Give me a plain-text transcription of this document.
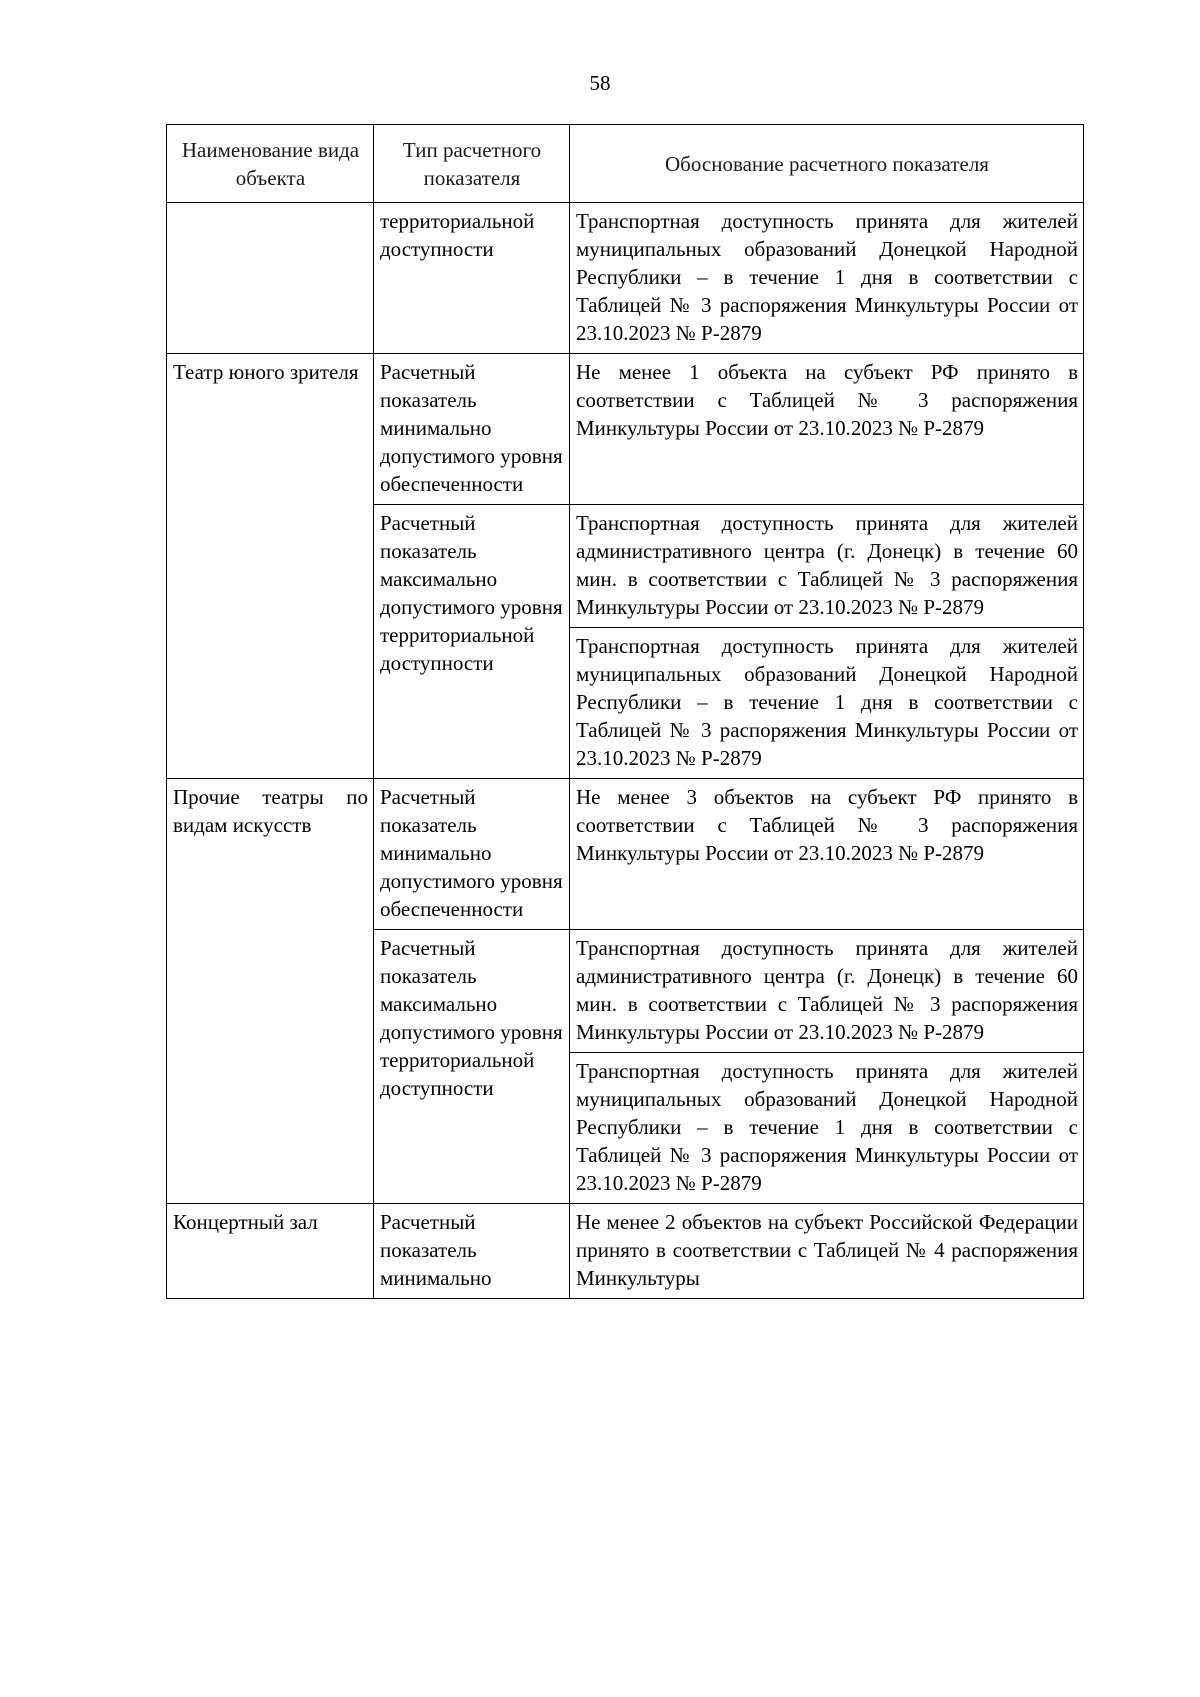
58
Наименование вида объекта	Тип расчетного показателя	Обоснование расчетного показателя
	территориальной доступности	Транспортная доступность принята для жителей муниципальных образований Донецкой Народной Республики – в течение 1 дня в соответствии с Таблицей № 3 распоряжения Минкультуры России от 23.10.2023 № Р-2879
Театр юного зрителя	Расчетный показатель минимально допустимого уровня обеспеченности	Не менее 1 объекта на субъект РФ принято в соответствии с Таблицей № 3 распоряжения Минкультуры России от 23.10.2023 № Р-2879
	Расчетный показатель максимально допустимого уровня территориальной доступности	Транспортная доступность принята для жителей административного центра (г. Донецк) в течение 60 мин. в соответствии с Таблицей № 3 распоряжения Минкультуры России от 23.10.2023 № Р-2879
		Транспортная доступность принята для жителей муниципальных образований Донецкой Народной Республики – в течение 1 дня в соответствии с Таблицей № 3 распоряжения Минкультуры России от 23.10.2023 № Р-2879
Прочие театры по видам искусств	Расчетный показатель минимально допустимого уровня обеспеченности	Не менее 3 объектов на субъект РФ принято в соответствии с Таблицей № 3 распоряжения Минкультуры России от 23.10.2023 № Р-2879
	Расчетный показатель максимально допустимого уровня территориальной доступности	Транспортная доступность принята для жителей административного центра (г. Донецк) в течение 60 мин. в соответствии с Таблицей № 3 распоряжения Минкультуры России от 23.10.2023 № Р-2879
		Транспортная доступность принята для жителей муниципальных образований Донецкой Народной Республики – в течение 1 дня в соответствии с Таблицей № 3 распоряжения Минкультуры России от 23.10.2023 № Р-2879
Концертный зал	Расчетный показатель минимально	Не менее 2 объектов на субъект Российской Федерации принято в соответствии с Таблицей № 4 распоряжения Минкультуры
